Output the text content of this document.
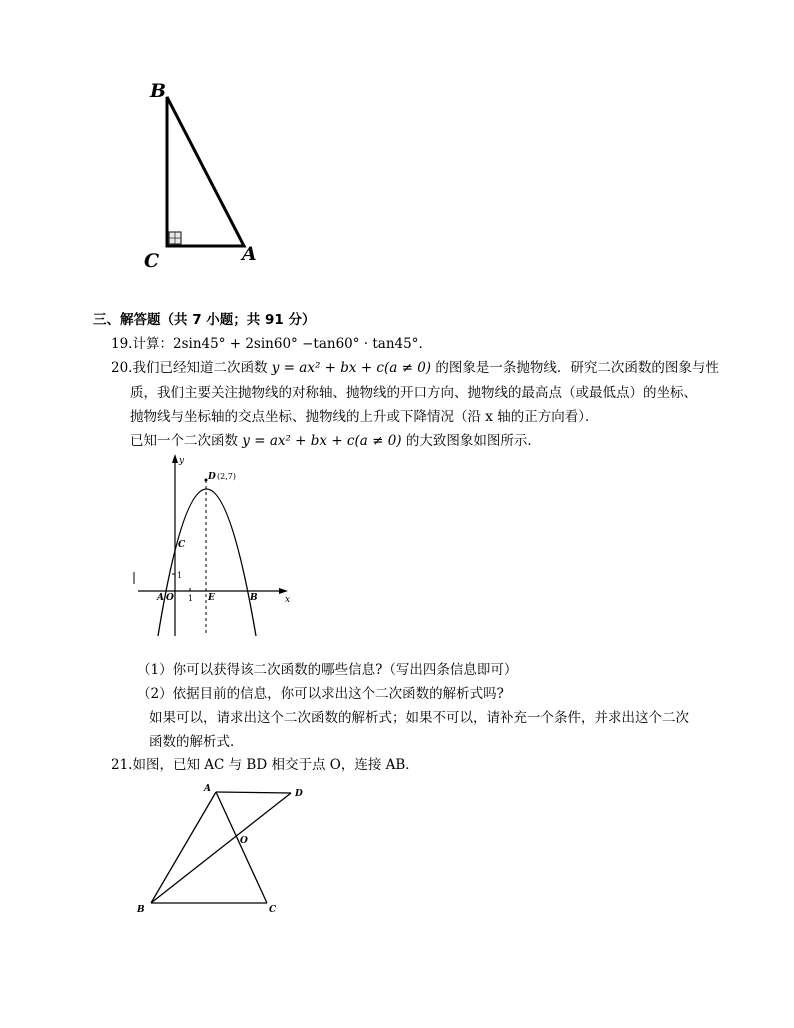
B
C	A
三、解答题（共 7 小题；共 91 分）
19.计算：2sin45° + 2sin60° −tan60° · tan45°．
20.我们已经知道二次函数 y = ax² + bx + c(a ≠ 0) 的图象是一条抛物线．研究二次函数的图象与性
质，我们主要关注抛物线的对称轴、抛物线的开口方向、抛物线的最高点（或最低点）的坐标、
抛物线与坐标轴的交点坐标、抛物线的上升或下降情况（沿 x 轴的正方向看）．
已知一个二次函数 y = ax² + bx + c(a ≠ 0) 的大致图象如图所示．
y
x
D (2,7)
C
1
A O 1 E	B
（1）你可以获得该二次函数的哪些信息?（写出四条信息即可）
（2）依据目前的信息，你可以求出这个二次函数的解析式吗?
如果可以，请求出这个二次函数的解析式；如果不可以，请补充一个条件，并求出这个二次
函数的解析式．
21.如图，已知 AC 与 BD 相交于点 O，连接 AB．
A	D
O
B	C
